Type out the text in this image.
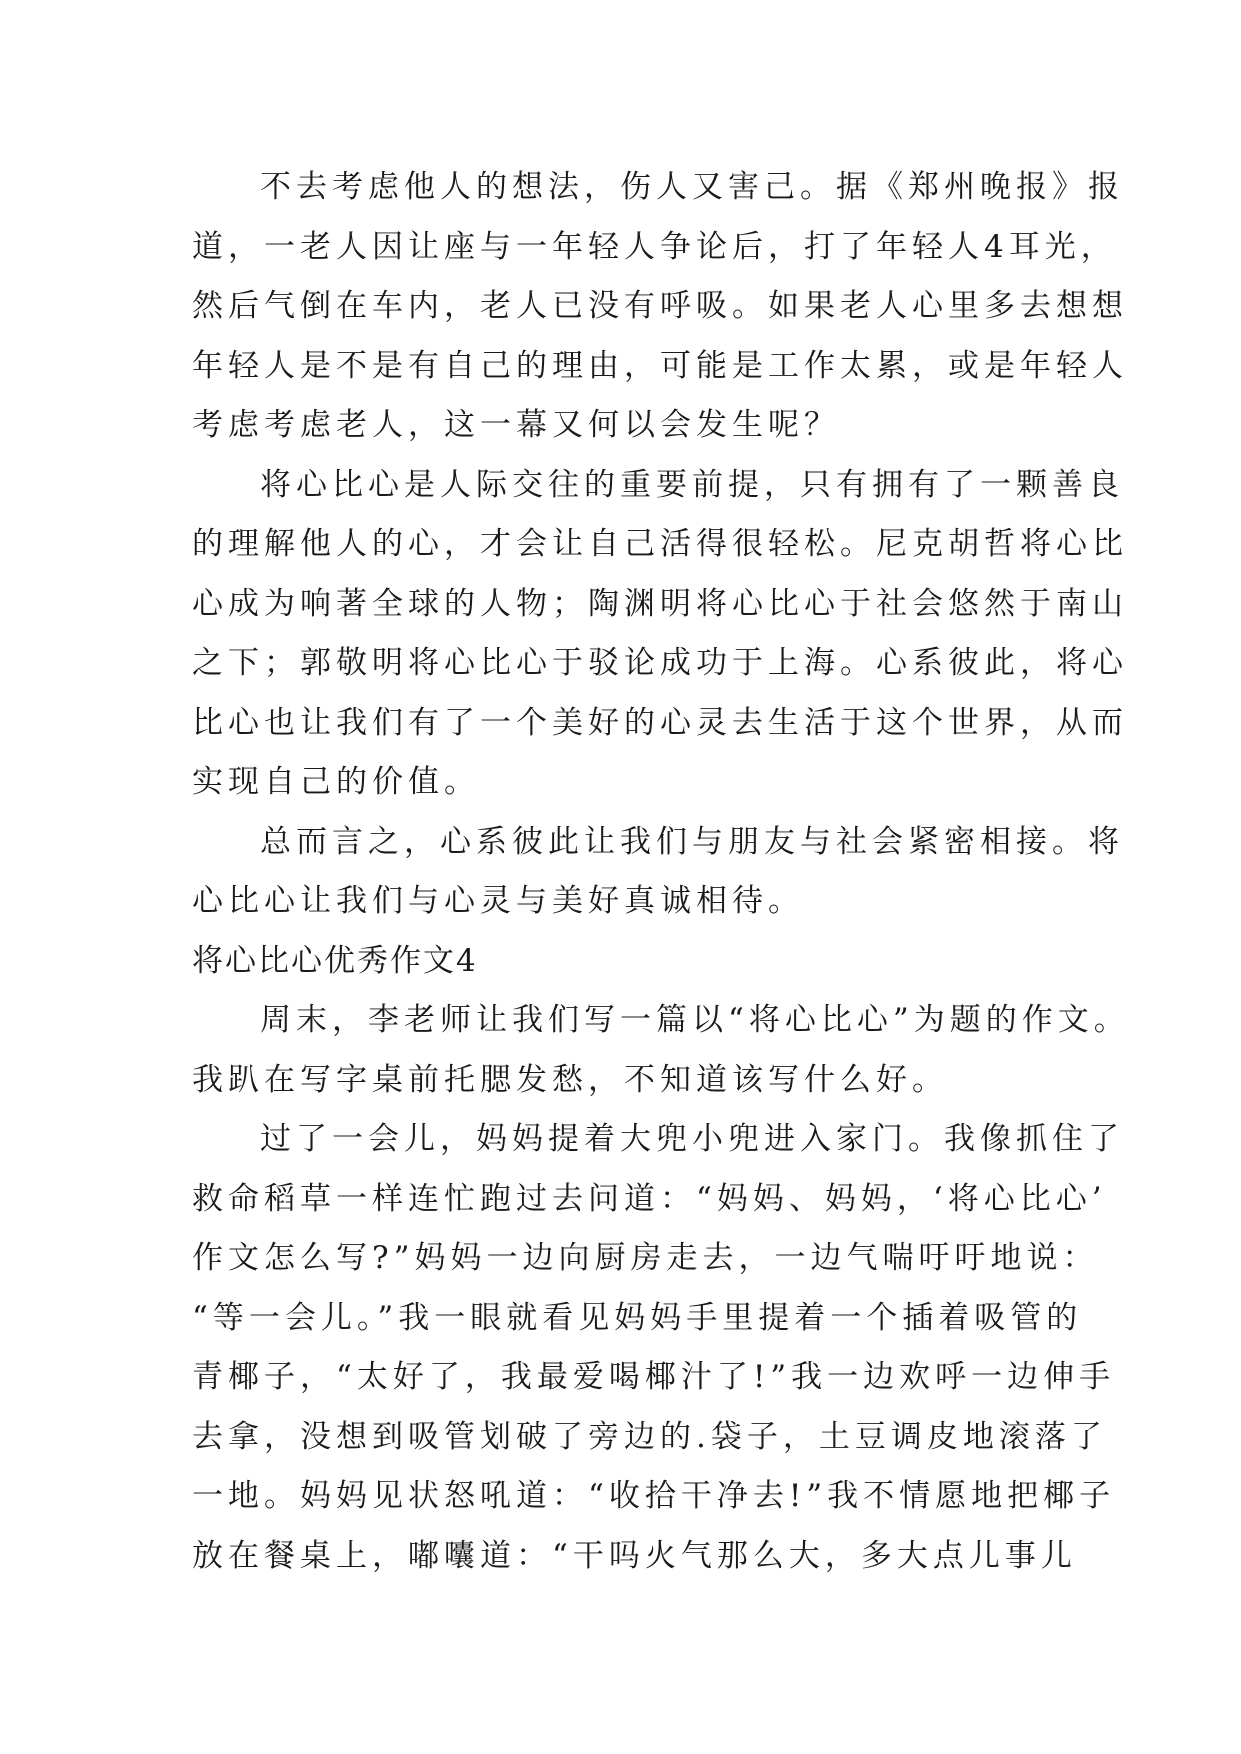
不去考虑他人的想法，伤人又害己。据《郑州晚报》报
道，一老人因让座与一年轻人争论后，打了年轻人4耳光，
然后气倒在车内，老人已没有呼吸。如果老人心里多去想想
年轻人是不是有自己的理由，可能是工作太累，或是年轻人
考虑考虑老人，这一幕又何以会发生呢？
将心比心是人际交往的重要前提，只有拥有了一颗善良
的理解他人的心，才会让自己活得很轻松。尼克胡哲将心比
心成为响著全球的人物；陶渊明将心比心于社会悠然于南山
之下；郭敬明将心比心于驳论成功于上海。心系彼此，将心
比心也让我们有了一个美好的心灵去生活于这个世界，从而
实现自己的价值。
总而言之，心系彼此让我们与朋友与社会紧密相接。将
心比心让我们与心灵与美好真诚相待。
将心比心优秀作文4
周末，李老师让我们写一篇以“将心比心”为题的作文。
我趴在写字桌前托腮发愁，不知道该写什么好。
过了一会儿，妈妈提着大兜小兜进入家门。我像抓住了
救命稻草一样连忙跑过去问道：“妈妈、妈妈，‘将心比心’
作文怎么写?”妈妈一边向厨房走去，一边气喘吁吁地说：
“等一会儿。”我一眼就看见妈妈手里提着一个插着吸管的
青椰子，“太好了，我最爱喝椰汁了!”我一边欢呼一边伸手
去拿，没想到吸管划破了旁边的.袋子，土豆调皮地滚落了
一地。妈妈见状怒吼道：“收拾干净去!”我不情愿地把椰子
放在餐桌上，嘟囔道：“干吗火气那么大，多大点儿事儿
